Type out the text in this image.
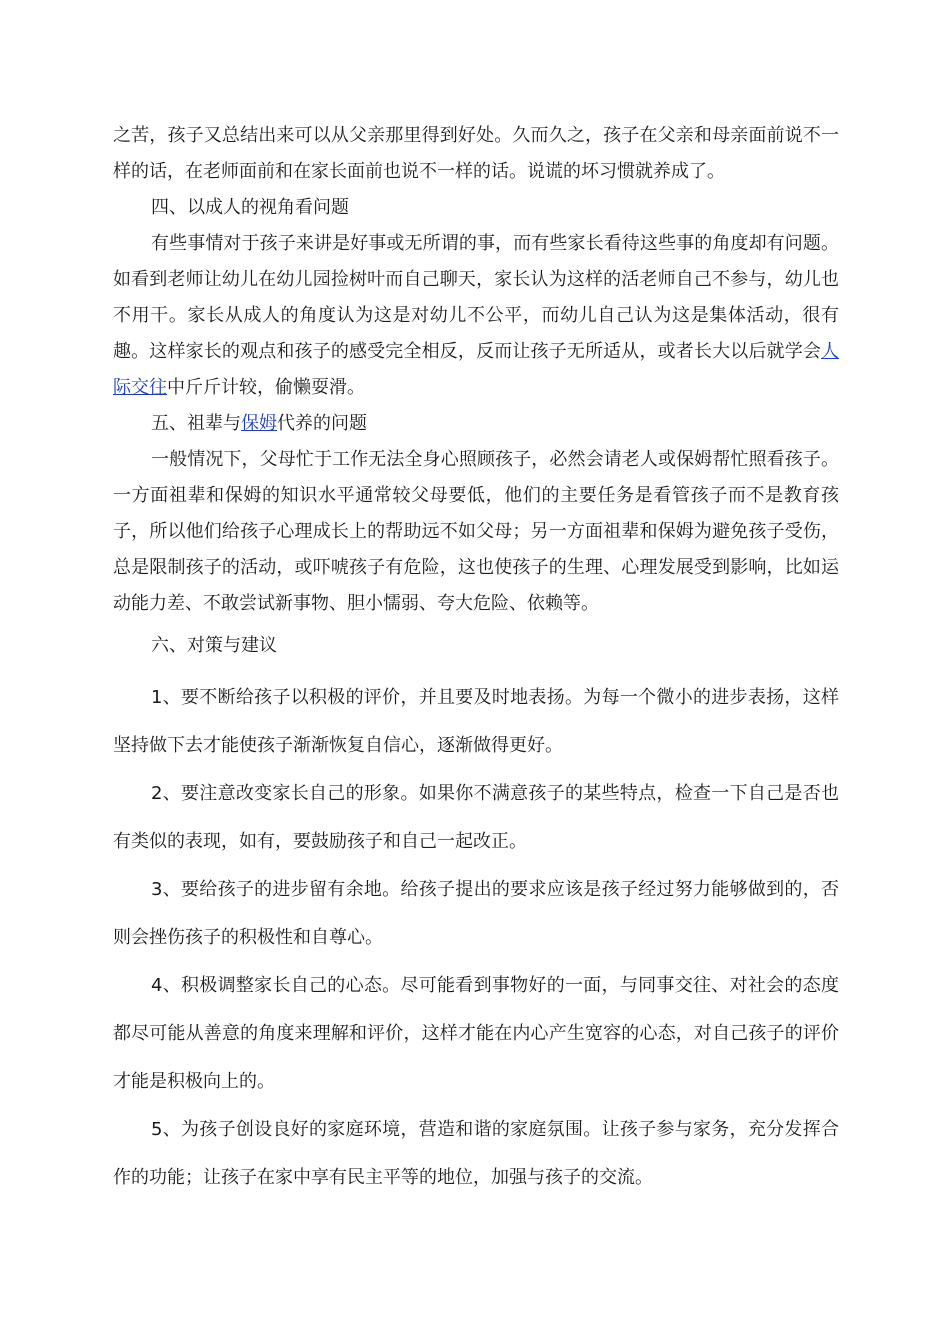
之苦，孩子又总结出来可以从父亲那里得到好处。久而久之，孩子在父亲和母亲面前说不一样的话，在老师面前和在家长面前也说不一样的话。说谎的坏习惯就养成了。

四、以成人的视角看问题

有些事情对于孩子来讲是好事或无所谓的事，而有些家长看待这些事的角度却有问题。如看到老师让幼儿在幼儿园捡树叶而自己聊天，家长认为这样的活老师自己不参与，幼儿也不用干。家长从成人的角度认为这是对幼儿不公平，而幼儿自己认为这是集体活动，很有趣。这样家长的观点和孩子的感受完全相反，反而让孩子无所适从，或者长大以后就学会人际交往中斤斤计较，偷懒耍滑。

五、祖辈与保姆代养的问题

一般情况下，父母忙于工作无法全身心照顾孩子，必然会请老人或保姆帮忙照看孩子。一方面祖辈和保姆的知识水平通常较父母要低，他们的主要任务是看管孩子而不是教育孩子，所以他们给孩子心理成长上的帮助远不如父母；另一方面祖辈和保姆为避免孩子受伤，总是限制孩子的活动，或吓唬孩子有危险，这也使孩子的生理、心理发展受到影响，比如运动能力差、不敢尝试新事物、胆小懦弱、夸大危险、依赖等。

六、对策与建议

1、要不断给孩子以积极的评价，并且要及时地表扬。为每一个微小的进步表扬，这样坚持做下去才能使孩子渐渐恢复自信心，逐渐做得更好。

2、要注意改变家长自己的形象。如果你不满意孩子的某些特点，检查一下自己是否也有类似的表现，如有，要鼓励孩子和自己一起改正。

3、要给孩子的进步留有余地。给孩子提出的要求应该是孩子经过努力能够做到的，否则会挫伤孩子的积极性和自尊心。

4、积极调整家长自己的心态。尽可能看到事物好的一面，与同事交往、对社会的态度都尽可能从善意的角度来理解和评价，这样才能在内心产生宽容的心态，对自己孩子的评价才能是积极向上的。

5、为孩子创设良好的家庭环境，营造和谐的家庭氛围。让孩子参与家务，充分发挥合作的功能；让孩子在家中享有民主平等的地位，加强与孩子的交流。
